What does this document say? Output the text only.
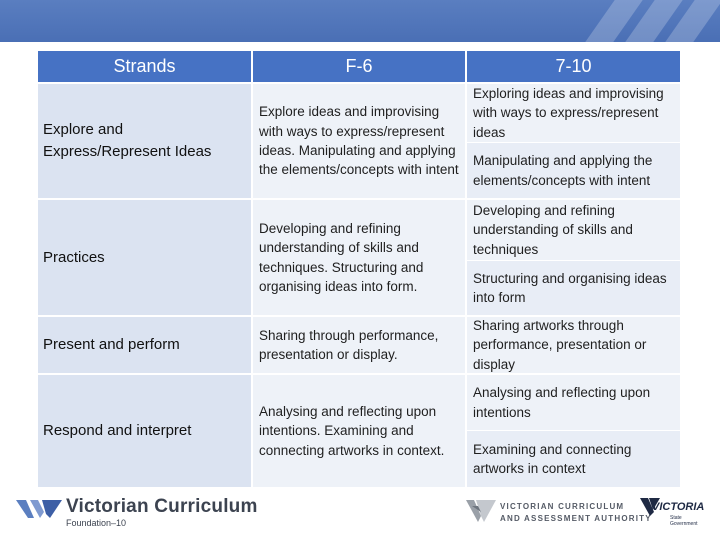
Strands	F-6	7-10
Explore and Express/Represent Ideas
Explore ideas and improvising with ways to express/represent ideas. Manipulating and applying the elements/concepts with intent
Exploring ideas and improvising with ways to express/represent ideas
Manipulating and applying the elements/concepts with intent
Practices
Developing and refining understanding of skills and techniques. Structuring and organising ideas into form.
Developing and refining understanding of skills and techniques
Structuring and organising ideas into form
Present and perform
Sharing through performance, presentation or display.
Sharing artworks through performance, presentation or display
Respond and interpret
Analysing and reflecting upon intentions. Examining and connecting artworks in context.
Analysing and reflecting upon intentions
Examining and connecting artworks in context
Victorian Curriculum
Foundation–10
VICTORIAN CURRICULUM
AND ASSESSMENT AUTHORITY
VICTORIA
State
Government
